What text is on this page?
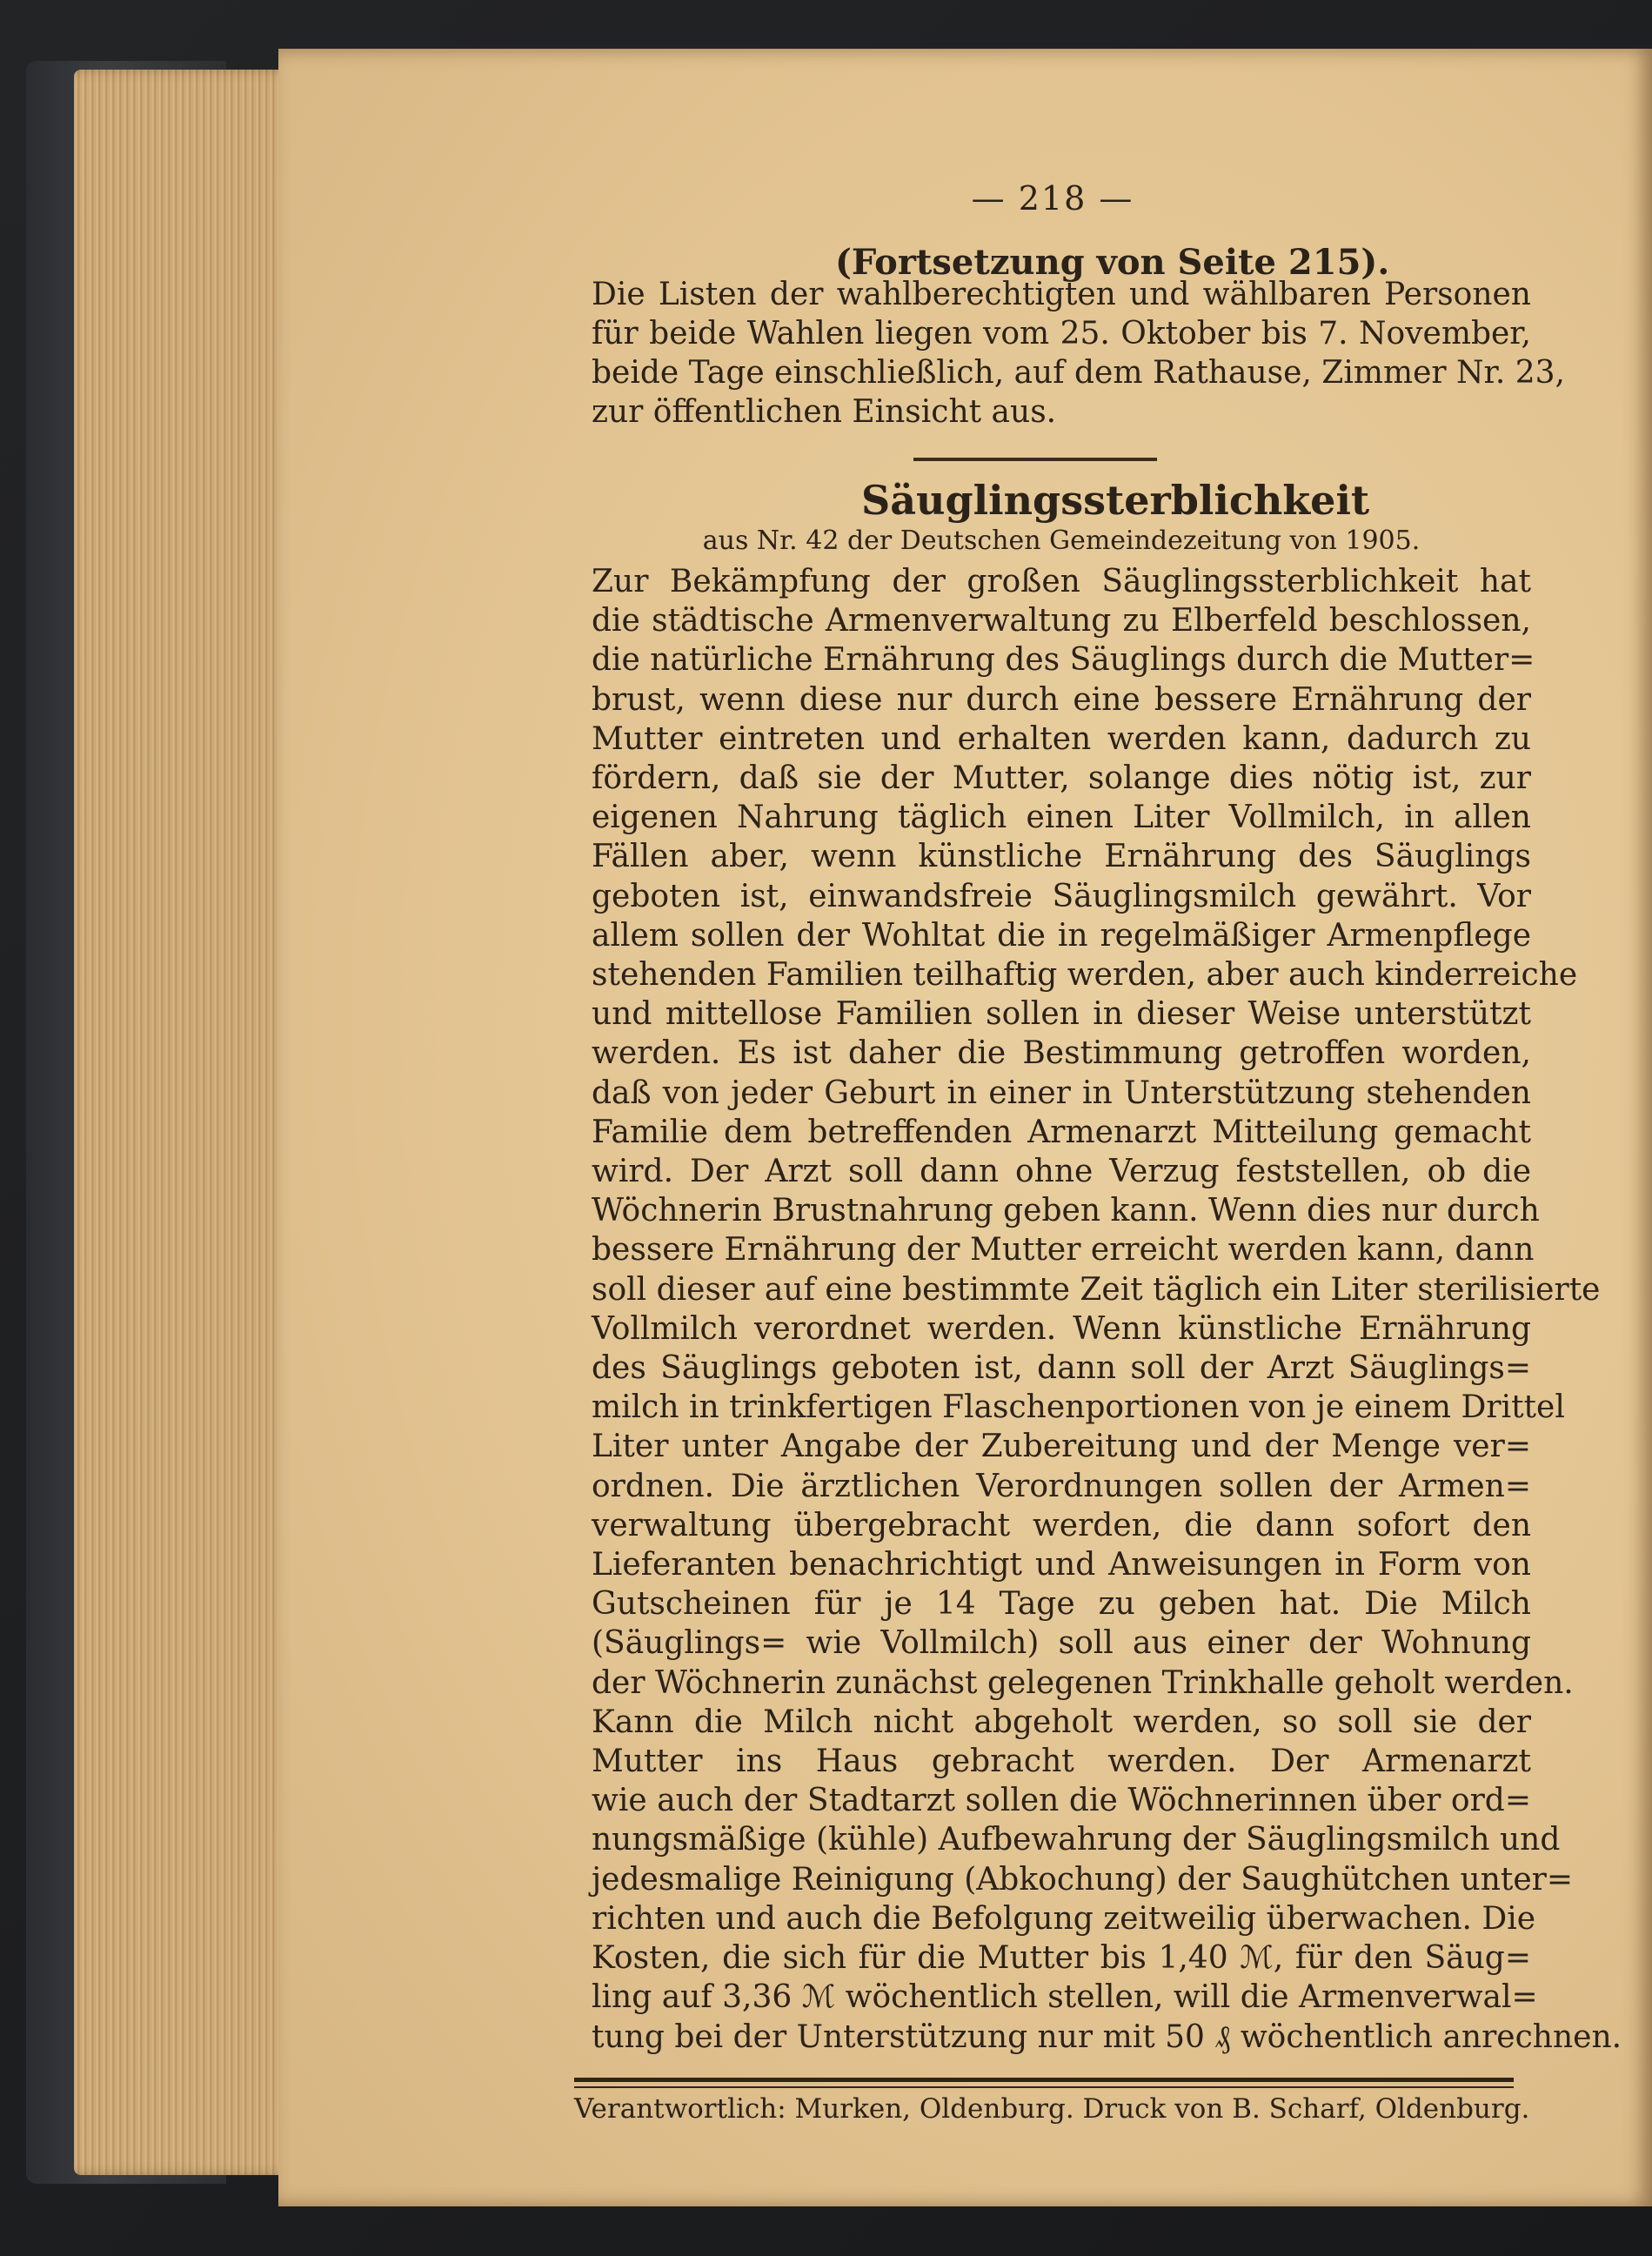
— 218 —
(Fortsetzung von Seite 215).
Die Listen der wahlberechtigten und wählbaren Personen
für beide Wahlen liegen vom 25. Oktober bis 7. November,
beide Tage einschließlich, auf dem Rathause, Zimmer Nr. 23,
zur öffentlichen Einsicht aus.
Säuglingssterblichkeit
aus Nr. 42 der Deutschen Gemeindezeitung von 1905.
Zur Bekämpfung der großen Säuglingssterblichkeit hat
die städtische Armenverwaltung zu Elberfeld beschlossen,
die natürliche Ernährung des Säuglings durch die Mutter=
brust, wenn diese nur durch eine bessere Ernährung der
Mutter eintreten und erhalten werden kann, dadurch zu
fördern, daß sie der Mutter, solange dies nötig ist, zur
eigenen Nahrung täglich einen Liter Vollmilch, in allen
Fällen aber, wenn künstliche Ernährung des Säuglings
geboten ist, einwandsfreie Säuglingsmilch gewährt. Vor
allem sollen der Wohltat die in regelmäßiger Armenpflege
stehenden Familien teilhaftig werden, aber auch kinderreiche
und mittellose Familien sollen in dieser Weise unterstützt
werden. Es ist daher die Bestimmung getroffen worden,
daß von jeder Geburt in einer in Unterstützung stehenden
Familie dem betreffenden Armenarzt Mitteilung gemacht
wird. Der Arzt soll dann ohne Verzug feststellen, ob die
Wöchnerin Brustnahrung geben kann. Wenn dies nur durch
bessere Ernährung der Mutter erreicht werden kann, dann
soll dieser auf eine bestimmte Zeit täglich ein Liter sterilisierte
Vollmilch verordnet werden. Wenn künstliche Ernährung
des Säuglings geboten ist, dann soll der Arzt Säuglings=
milch in trinkfertigen Flaschenportionen von je einem Drittel
Liter unter Angabe der Zubereitung und der Menge ver=
ordnen. Die ärztlichen Verordnungen sollen der Armen=
verwaltung übergebracht werden, die dann sofort den
Lieferanten benachrichtigt und Anweisungen in Form von
Gutscheinen für je 14 Tage zu geben hat. Die Milch
(Säuglings= wie Vollmilch) soll aus einer der Wohnung
der Wöchnerin zunächst gelegenen Trinkhalle geholt werden.
Kann die Milch nicht abgeholt werden, so soll sie der
Mutter ins Haus gebracht werden. Der Armenarzt
wie auch der Stadtarzt sollen die Wöchnerinnen über ord=
nungsmäßige (kühle) Aufbewahrung der Säuglingsmilch und
jedesmalige Reinigung (Abkochung) der Saughütchen unter=
richten und auch die Befolgung zeitweilig überwachen. Die
Kosten, die sich für die Mutter bis 1,40 ℳ, für den Säug=
ling auf 3,36 ℳ wöchentlich stellen, will die Armenverwal=
tung bei der Unterstützung nur mit 50 ₰ wöchentlich anrechnen.
Verantwortlich: Murken, Oldenburg. Druck von B. Scharf, Oldenburg.
